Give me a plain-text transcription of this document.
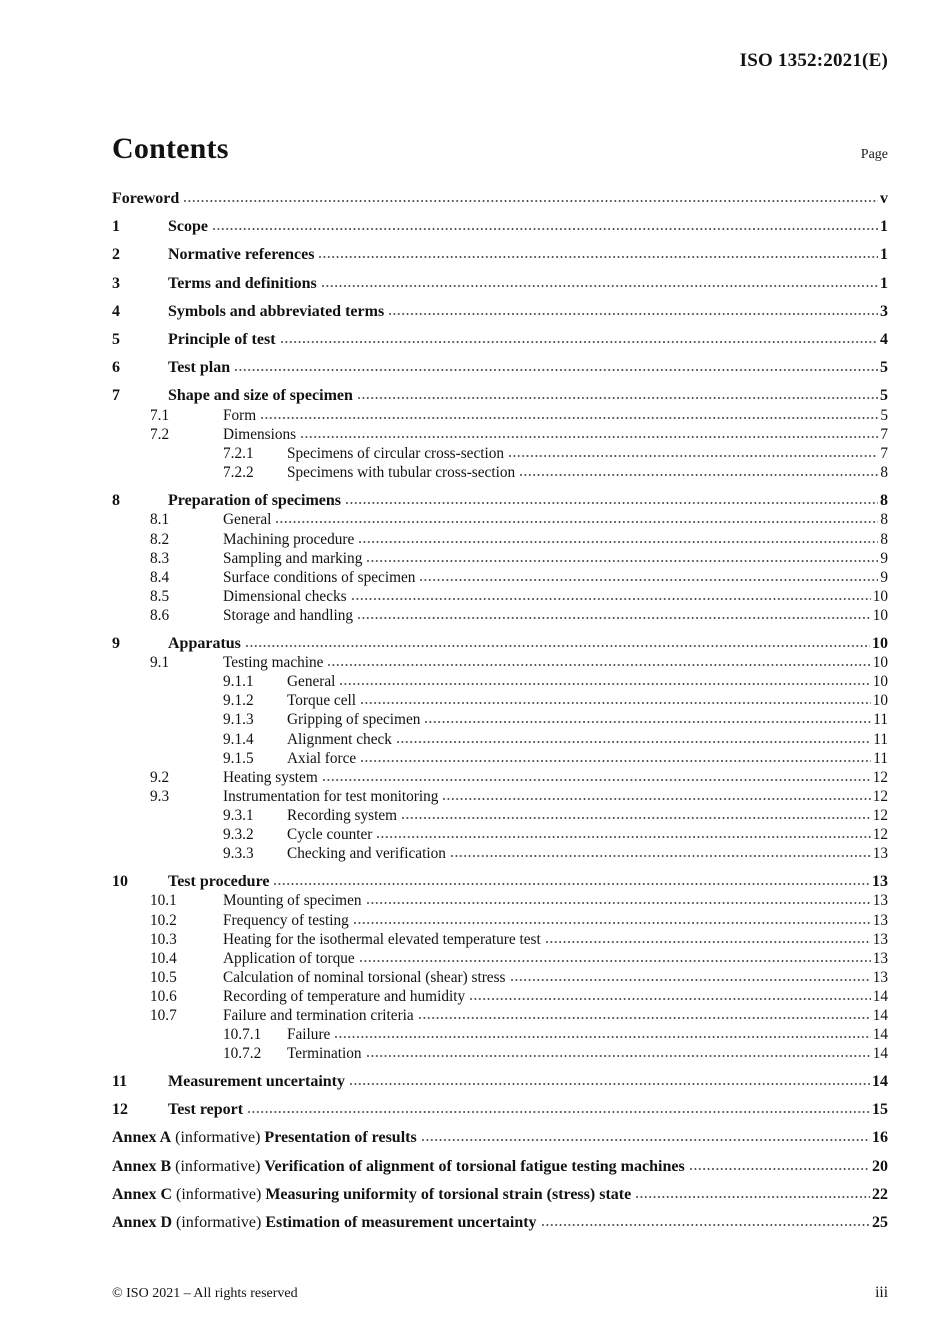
ISO 1352:2021(E)
Contents	Page
Foreword	v
1	Scope	1
2	Normative references	1
3	Terms and definitions	1
4	Symbols and abbreviated terms	3
5	Principle of test	4
6	Test plan	5
7	Shape and size of specimen	5
7.1	Form	5
7.2	Dimensions	7
7.2.1	Specimens of circular cross-section	7
7.2.2	Specimens with tubular cross-section	8
8	Preparation of specimens	8
8.1	General	8
8.2	Machining procedure	8
8.3	Sampling and marking	9
8.4	Surface conditions of specimen	9
8.5	Dimensional checks	10
8.6	Storage and handling	10
9	Apparatus	10
9.1	Testing machine	10
9.1.1	General	10
9.1.2	Torque cell	10
9.1.3	Gripping of specimen	11
9.1.4	Alignment check	11
9.1.5	Axial force	11
9.2	Heating system	12
9.3	Instrumentation for test monitoring	12
9.3.1	Recording system	12
9.3.2	Cycle counter	12
9.3.3	Checking and verification	13
10	Test procedure	13
10.1	Mounting of specimen	13
10.2	Frequency of testing	13
10.3	Heating for the isothermal elevated temperature test	13
10.4	Application of torque	13
10.5	Calculation of nominal torsional (shear) stress	13
10.6	Recording of temperature and humidity	14
10.7	Failure and termination criteria	14
10.7.1	Failure	14
10.7.2	Termination	14
11	Measurement uncertainty	14
12	Test report	15
Annex A (informative) Presentation of results	16
Annex B (informative) Verification of alignment of torsional fatigue testing machines	20
Annex C (informative) Measuring uniformity of torsional strain (stress) state	22
Annex D (informative) Estimation of measurement uncertainty	25
© ISO 2021 – All rights reserved	iii
